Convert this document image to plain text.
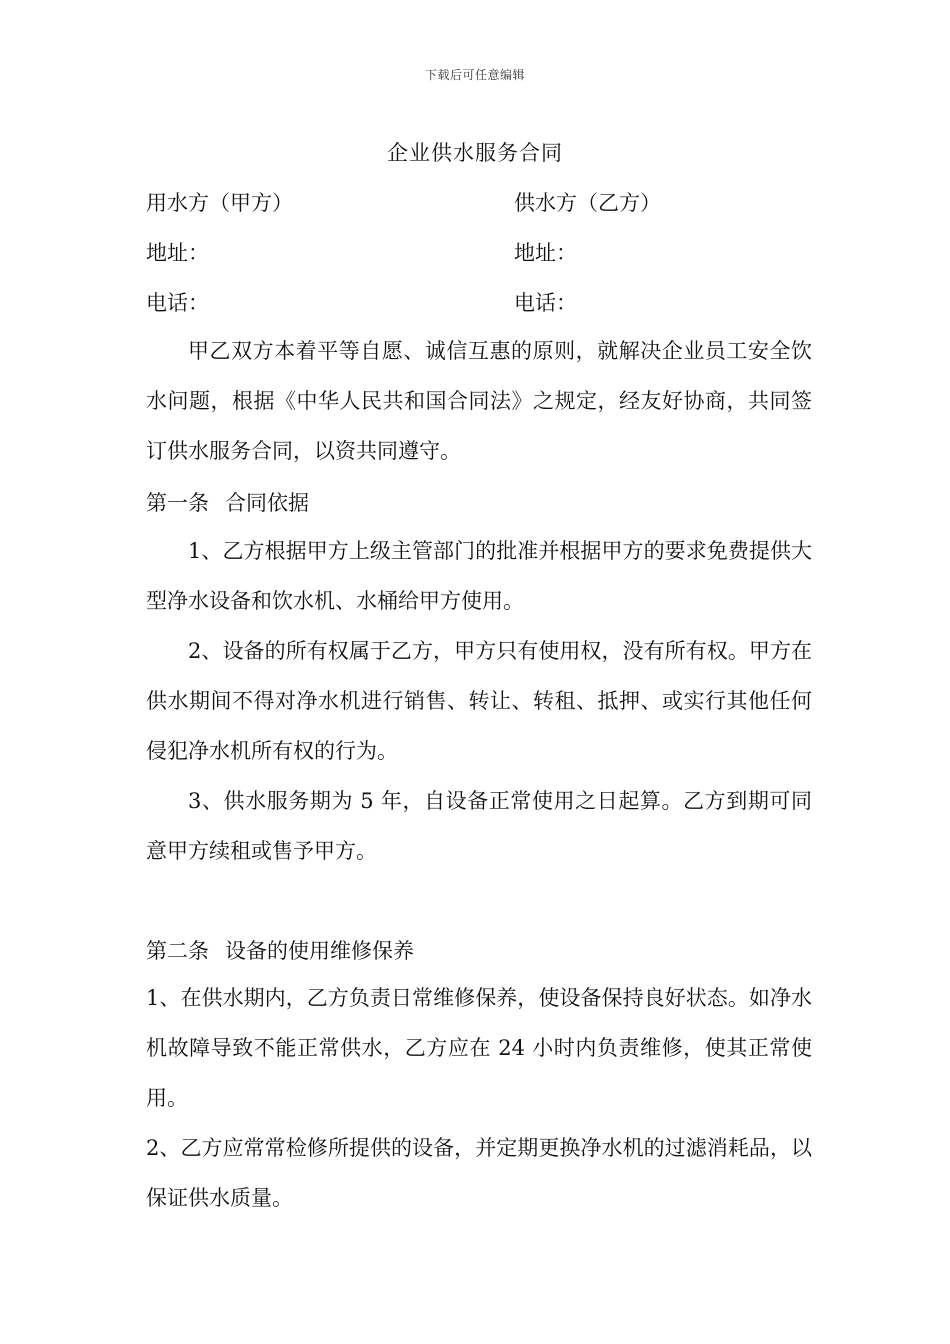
下载后可任意编辑
企业供水服务合同
用水方（甲方）	供水方（乙方）
地址：	地址：
电话：	电话：
甲乙双方本着平等自愿、诚信互惠的原则，就解决企业员工安全饮水问题，根据《中华人民共和国合同法》之规定，经友好协商，共同签订供水服务合同，以资共同遵守。
第一条 合同依据
1、乙方根据甲方上级主管部门的批准并根据甲方的要求免费提供大型净水设备和饮水机、水桶给甲方使用。
2、设备的所有权属于乙方，甲方只有使用权，没有所有权。甲方在供水期间不得对净水机进行销售、转让、转租、抵押、或实行其他任何侵犯净水机所有权的行为。
3、供水服务期为 5 年，自设备正常使用之日起算。乙方到期可同意甲方续租或售予甲方。
第二条 设备的使用维修保养
1、在供水期内，乙方负责日常维修保养，使设备保持良好状态。如净水机故障导致不能正常供水，乙方应在 24 小时内负责维修，使其正常使用。
2、乙方应常常检修所提供的设备，并定期更换净水机的过滤消耗品，以保证供水质量。
